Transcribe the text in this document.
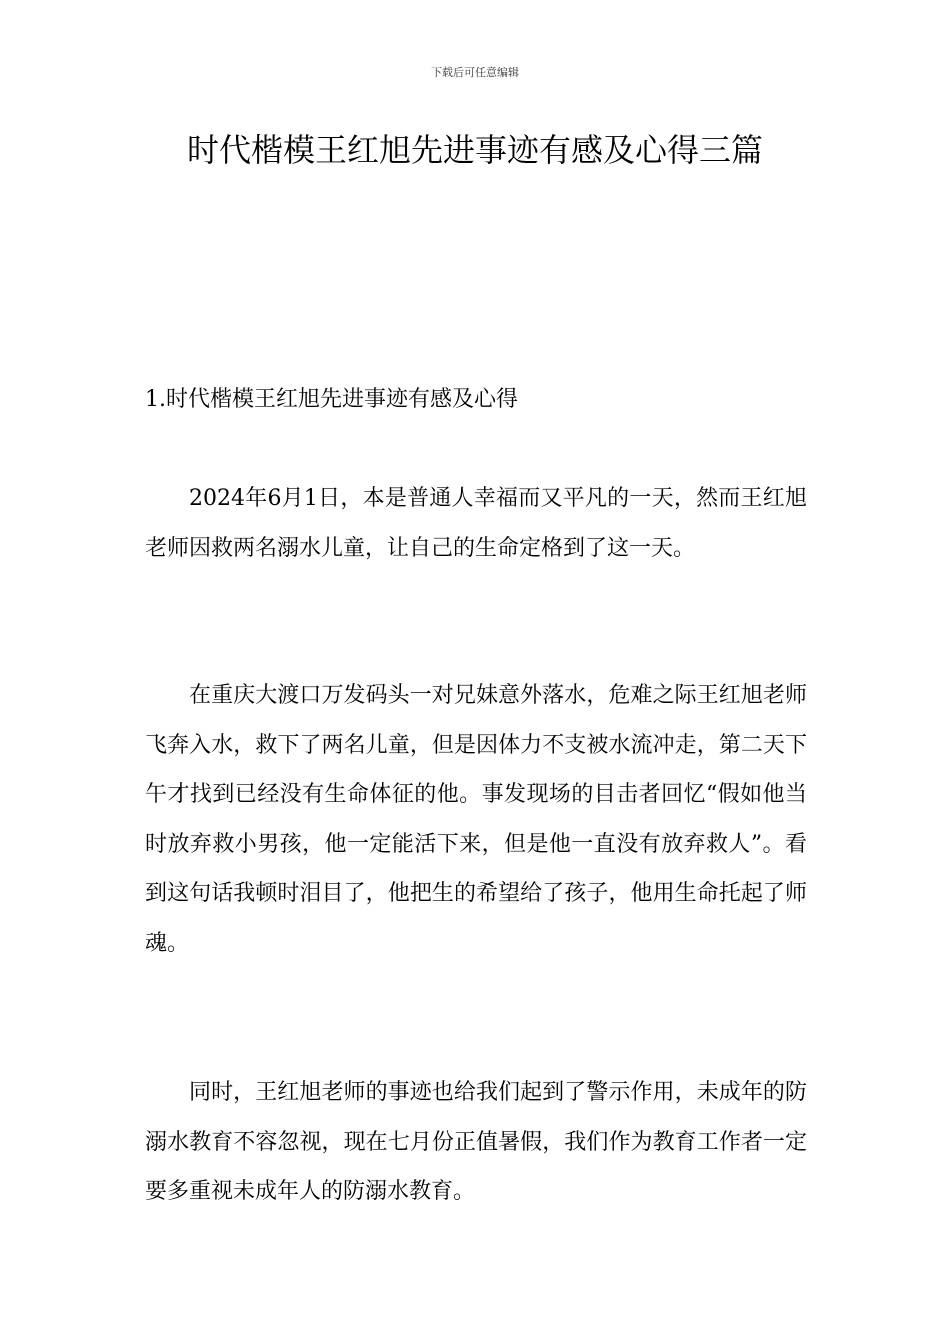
下载后可任意编辑
时代楷模王红旭先进事迹有感及心得三篇
1.时代楷模王红旭先进事迹有感及心得

2024年6月1日，本是普通人幸福而又平凡的一天，然而王红旭老师因救两名溺水儿童，让自己的生命定格到了这一天。

在重庆大渡口万发码头一对兄妹意外落水，危难之际王红旭老师飞奔入水，救下了两名儿童，但是因体力不支被水流冲走，第二天下午才找到已经没有生命体征的他。事发现场的目击者回忆“假如他当时放弃救小男孩，他一定能活下来，但是他一直没有放弃救人”。看到这句话我顿时泪目了，他把生的希望给了孩子，他用生命托起了师魂。

同时，王红旭老师的事迹也给我们起到了警示作用，未成年的防溺水教育不容忽视，现在七月份正值暑假，我们作为教育工作者一定要多重视未成年人的防溺水教育。
